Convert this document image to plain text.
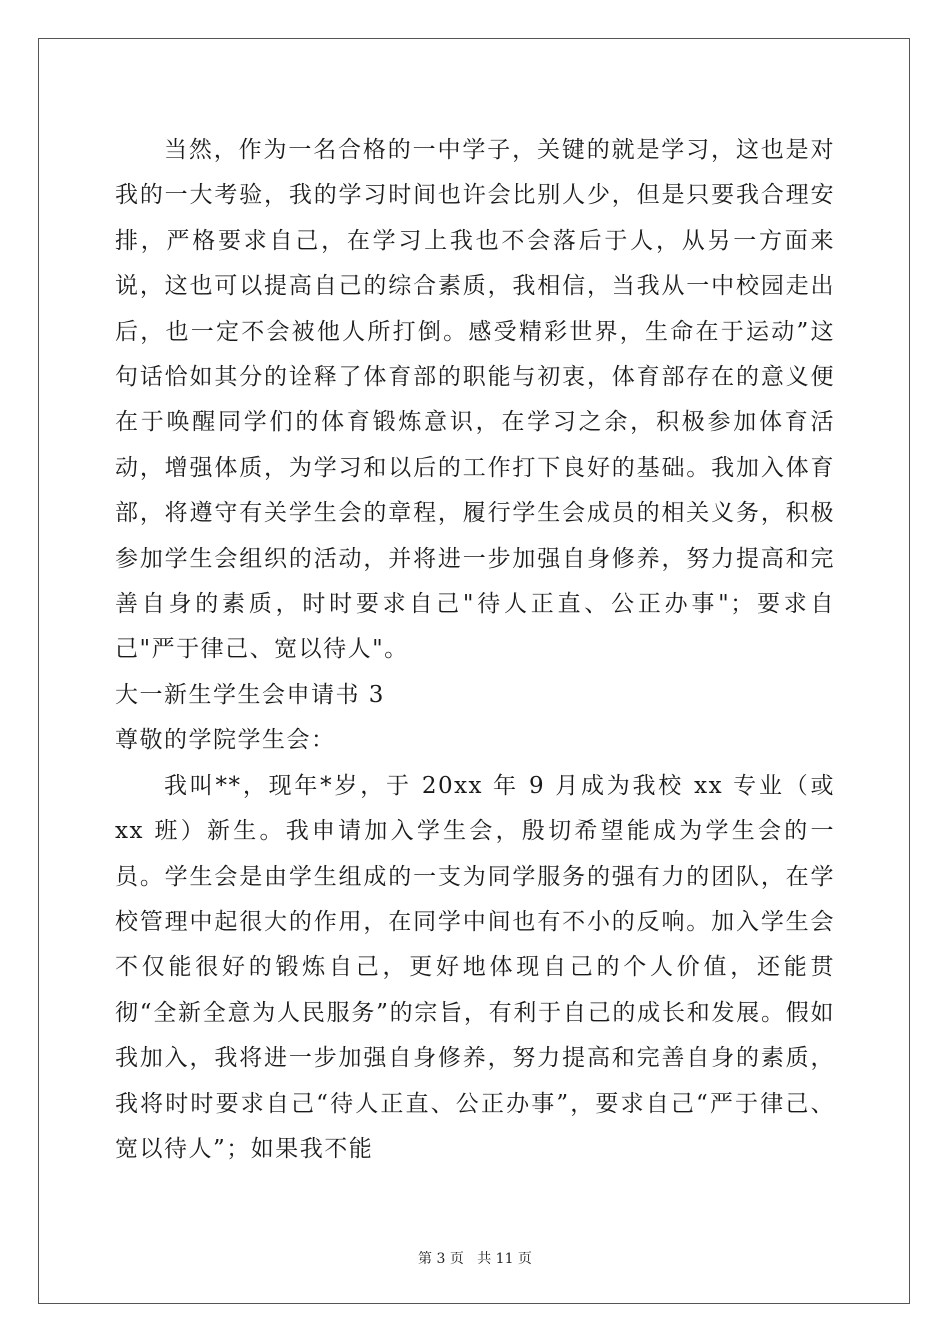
当然，作为一名合格的一中学子，关键的就是学习，这也是对我的一大考验，我的学习时间也许会比别人少，但是只要我合理安排，严格要求自己，在学习上我也不会落后于人，从另一方面来说，这也可以提高自己的综合素质，我相信，当我从一中校园走出后，也一定不会被他人所打倒。感受精彩世界，生命在于运动”这句话恰如其分的诠释了体育部的职能与初衷，体育部存在的意义便在于唤醒同学们的体育锻炼意识，在学习之余，积极参加体育活动，增强体质，为学习和以后的工作打下良好的基础。我加入体育部，将遵守有关学生会的章程，履行学生会成员的相关义务，积极参加学生会组织的活动，并将进一步加强自身修养，努力提高和完善自身的素质，时时要求自己"待人正直、公正办事"；要求自己"严于律己、宽以待人"。

大一新生学生会申请书 3

尊敬的学院学生会：

我叫**，现年*岁，于 20xx 年 9 月成为我校 xx 专业（或 xx 班）新生。我申请加入学生会，殷切希望能成为学生会的一员。学生会是由学生组成的一支为同学服务的强有力的团队，在学校管理中起很大的作用，在同学中间也有不小的反响。加入学生会不仅能很好的锻炼自己，更好地体现自己的个人价值，还能贯彻“全新全意为人民服务”的宗旨，有利于自己的成长和发展。假如我加入，我将进一步加强自身修养，努力提高和完善自身的素质，我将时时要求自己“待人正直、公正办事”，要求自己“严于律己、宽以待人”；如果我不能

第 3 页 共 11 页
